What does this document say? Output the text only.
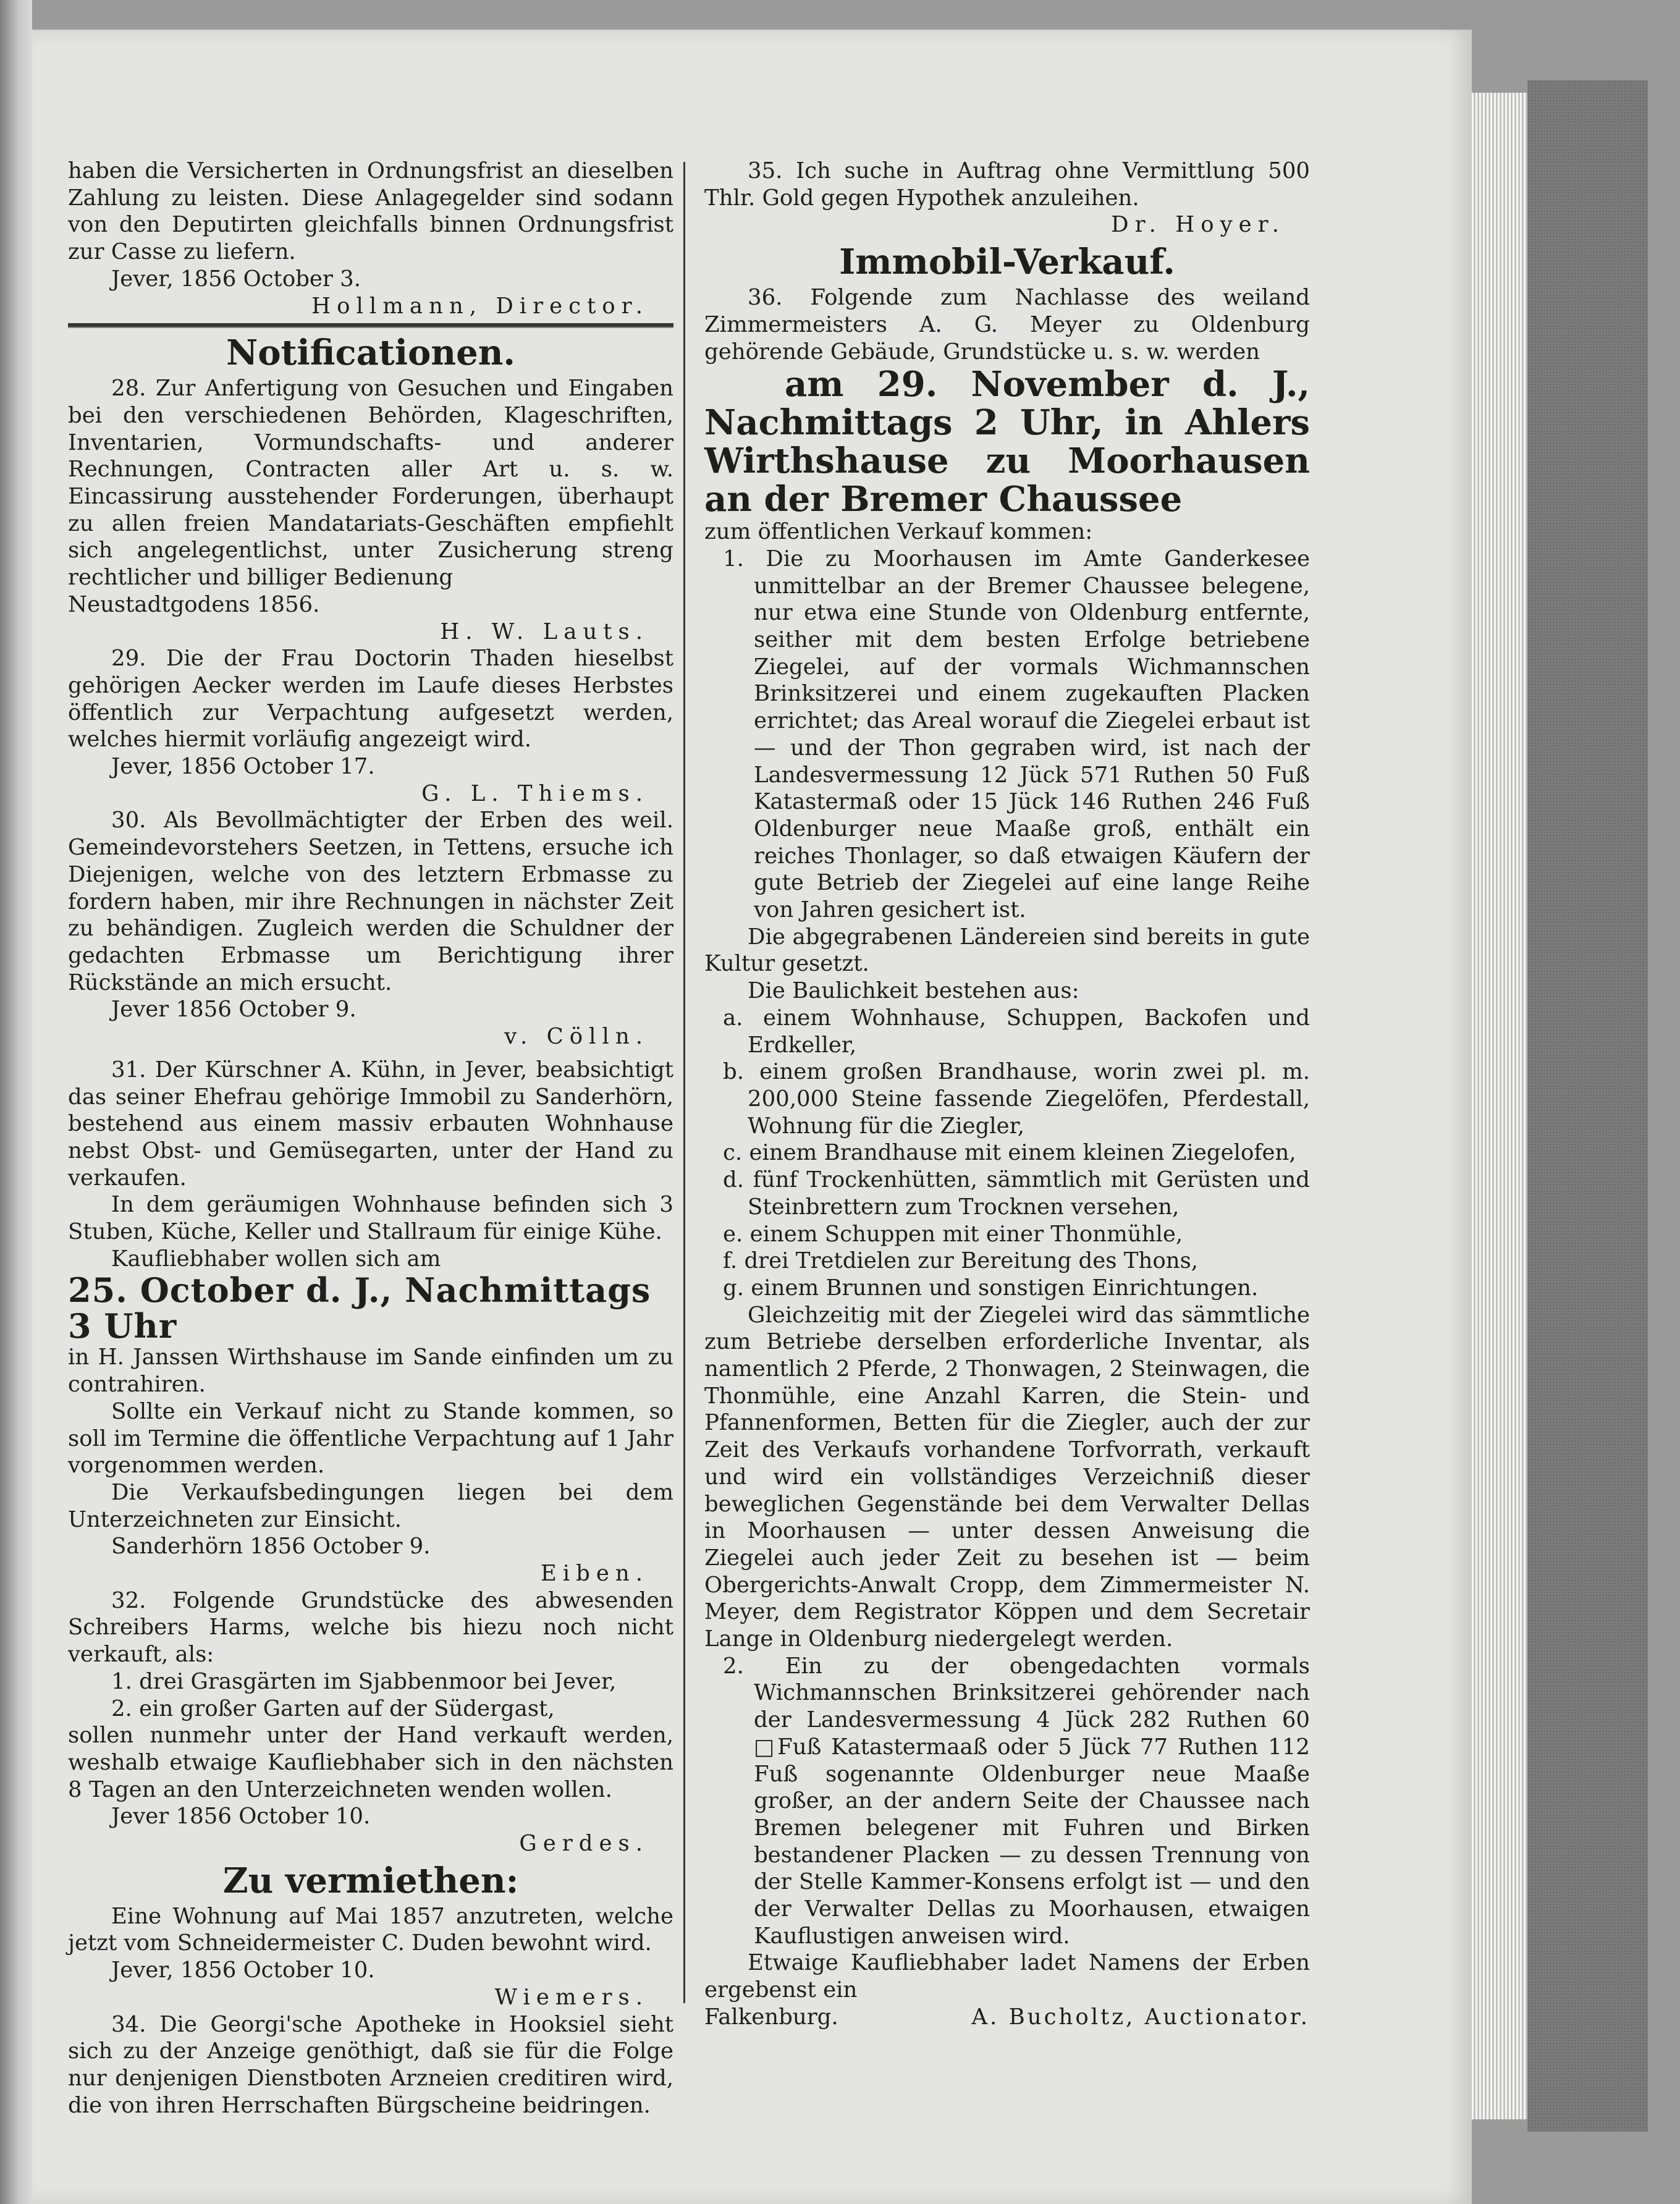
haben die Versicherten in Ordnungsfrist an dieselben Zahlung zu leisten. Diese Anlagegelder sind sodann von den Deputirten gleichfalls binnen Ordnungsfrist zur Casse zu liefern.

Jever, 1856 October 3.

Hollmann, Director.

Notificationen.

28. Zur Anfertigung von Gesuchen und Eingaben bei den verschiedenen Behörden, Klageschriften, Inventarien, Vormundschafts- und anderer Rechnungen, Contracten aller Art u. s. w. Eincassirung ausstehender Forderungen, überhaupt zu allen freien Mandatariats-Geschäften empfiehlt sich angelegentlichst, unter Zusicherung streng rechtlicher und billiger Bedienung

Neustadtgodens 1856.

H. W. Lauts.

29. Die der Frau Doctorin Thaden hieselbst gehörigen Aecker werden im Laufe dieses Herbstes öffentlich zur Verpachtung aufgesetzt werden, welches hiermit vorläufig angezeigt wird.

Jever, 1856 October 17.

G. L. Thiems.

30. Als Bevollmächtigter der Erben des weil. Gemeindevorstehers Seetzen, in Tettens, ersuche ich Diejenigen, welche von des letztern Erbmasse zu fordern haben, mir ihre Rechnungen in nächster Zeit zu behändigen. Zugleich werden die Schuldner der gedachten Erbmasse um Berichtigung ihrer Rückstände an mich ersucht.

Jever 1856 October 9.

v. Cölln.

31. Der Kürschner A. Kühn, in Jever, beabsichtigt das seiner Ehefrau gehörige Immobil zu Sanderhörn, bestehend aus einem massiv erbauten Wohnhause nebst Obst- und Gemüsegarten, unter der Hand zu verkaufen.

In dem geräumigen Wohnhause befinden sich 3 Stuben, Küche, Keller und Stallraum für einige Kühe.

Kaufliebhaber wollen sich am

25. October d. J., Nachmittags 3 Uhr

in H. Janssen Wirthshause im Sande einfinden um zu contrahiren.

Sollte ein Verkauf nicht zu Stande kommen, so soll im Termine die öffentliche Verpachtung auf 1 Jahr vorgenommen werden.

Die Verkaufsbedingungen liegen bei dem Unterzeichneten zur Einsicht.

Sanderhörn 1856 October 9.

Eiben.

32. Folgende Grundstücke des abwesenden Schreibers Harms, welche bis hiezu noch nicht verkauft, als:

1. drei Grasgärten im Sjabbenmoor bei Jever,

2. ein großer Garten auf der Südergast,

sollen nunmehr unter der Hand verkauft werden, weshalb etwaige Kaufliebhaber sich in den nächsten 8 Tagen an den Unterzeichneten wenden wollen.

Jever 1856 October 10.

Gerdes.

Zu vermiethen:

Eine Wohnung auf Mai 1857 anzutreten, welche jetzt vom Schneidermeister C. Duden bewohnt wird.

Jever, 1856 October 10.

Wiemers.

34. Die Georgi'sche Apotheke in Hooksiel sieht sich zu der Anzeige genöthigt, daß sie für die Folge nur denjenigen Dienstboten Arzneien creditiren wird, die von ihren Herrschaften Bürgscheine beidringen.

35. Ich suche in Auftrag ohne Vermittlung 500 Thlr. Gold gegen Hypothek anzuleihen.

Dr. Hoyer.

Immobil-Verkauf.

36. Folgende zum Nachlasse des weiland Zimmermeisters A. G. Meyer zu Oldenburg gehörende Gebäude, Grundstücke u. s. w. werden

am 29. November d. J., Nachmittags 2 Uhr, in Ahlers Wirthshause zu Moorhausen an der Bremer Chaussee

zum öffentlichen Verkauf kommen:

1. Die zu Moorhausen im Amte Ganderkesee unmittelbar an der Bremer Chaussee belegene, nur etwa eine Stunde von Oldenburg entfernte, seither mit dem besten Erfolge betriebene Ziegelei, auf der vormals Wichmannschen Brinksitzerei und einem zugekauften Placken errichtet; das Areal worauf die Ziegelei erbaut ist — und der Thon gegraben wird, ist nach der Landesvermessung 12 Jück 571 Ruthen 50 Fuß Katastermaß oder 15 Jück 146 Ruthen 246 Fuß Oldenburger neue Maaße groß, enthält ein reiches Thonlager, so daß etwaigen Käufern der gute Betrieb der Ziegelei auf eine lange Reihe von Jahren gesichert ist.

Die abgegrabenen Ländereien sind bereits in gute Kultur gesetzt.

Die Baulichkeit bestehen aus:

a. einem Wohnhause, Schuppen, Backofen und Erdkeller,

b. einem großen Brandhause, worin zwei pl. m. 200,000 Steine fassende Ziegelöfen, Pferdestall, Wohnung für die Ziegler,

c. einem Brandhause mit einem kleinen Ziegelofen,

d. fünf Trockenhütten, sämmtlich mit Gerüsten und Steinbrettern zum Trocknen versehen,

e. einem Schuppen mit einer Thonmühle,

f. drei Tretdielen zur Bereitung des Thons,

g. einem Brunnen und sonstigen Einrichtungen.

Gleichzeitig mit der Ziegelei wird das sämmtliche zum Betriebe derselben erforderliche Inventar, als namentlich 2 Pferde, 2 Thonwagen, 2 Steinwagen, die Thonmühle, eine Anzahl Karren, die Stein- und Pfannenformen, Betten für die Ziegler, auch der zur Zeit des Verkaufs vorhandene Torfvorrath, verkauft und wird ein vollständiges Verzeichniß dieser beweglichen Gegenstände bei dem Verwalter Dellas in Moorhausen — unter dessen Anweisung die Ziegelei auch jeder Zeit zu besehen ist — beim Obergerichts-Anwalt Cropp, dem Zimmermeister N. Meyer, dem Registrator Köppen und dem Secretair Lange in Oldenburg niedergelegt werden.

2. Ein zu der obengedachten vormals Wichmannschen Brinksitzerei gehörender nach der Landesvermessung 4 Jück 282 Ruthen 60 □Fuß Katastermaaß oder 5 Jück 77 Ruthen 112 Fuß sogenannte Oldenburger neue Maaße großer, an der andern Seite der Chaussee nach Bremen belegener mit Fuhren und Birken bestandener Placken — zu dessen Trennung von der Stelle Kammer-Konsens erfolgt ist — und den der Verwalter Dellas zu Moorhausen, etwaigen Kauflustigen anweisen wird.

Etwaige Kaufliebhaber ladet Namens der Erben ergebenst ein

Falkenburg.	A. Bucholtz, Auctionator.
